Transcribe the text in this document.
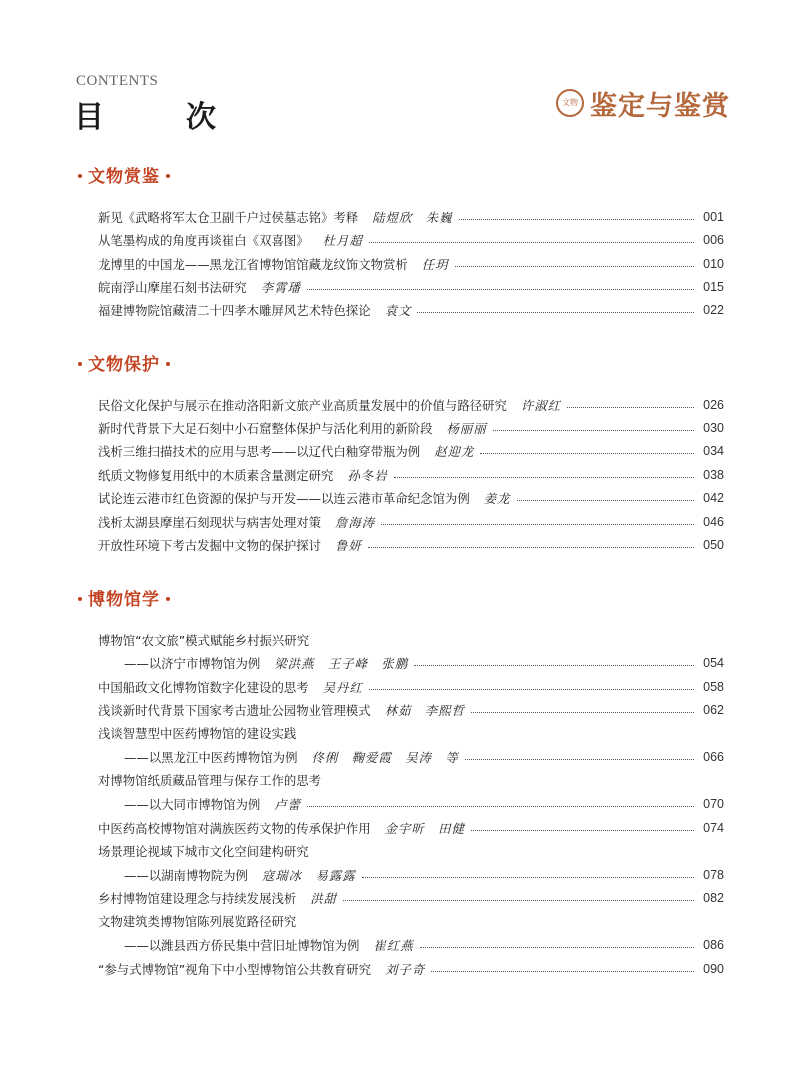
CONTENTS
目　次	文物 鉴定与鉴赏
文物赏鉴
新见《武略将军太仓卫副千户过侯墓志铭》考释 陆煜欣　朱巍	001
从笔墨构成的角度再谈崔白《双喜图》 杜月超	006
龙博里的中国龙——黑龙江省博物馆馆藏龙纹饰文物赏析 任玥	010
皖南浮山摩崖石刻书法研究 李霄璠	015
福建博物院馆藏清二十四孝木雕屏风艺术特色探论 袁文	022
文物保护
民俗文化保护与展示在推动洛阳新文旅产业高质量发展中的价值与路径研究 许淑红	026
新时代背景下大足石刻中小石窟整体保护与活化利用的新阶段 杨丽丽	030
浅析三维扫描技术的应用与思考——以辽代白釉穿带瓶为例 赵迎龙	034
纸质文物修复用纸中的木质素含量测定研究 孙冬岩	038
试论连云港市红色资源的保护与开发——以连云港市革命纪念馆为例 姜龙	042
浅析太湖县摩崖石刻现状与病害处理对策 詹海涛	046
开放性环境下考古发掘中文物的保护探讨 鲁妍	050
博物馆学
博物馆“农文旅”模式赋能乡村振兴研究
——以济宁市博物馆为例 梁洪燕　王子峰　张鹏	054
中国船政文化博物馆数字化建设的思考 吴丹红	058
浅谈新时代背景下国家考古遗址公园物业管理模式 林茹　李熙哲	062
浅谈智慧型中医药博物馆的建设实践
——以黑龙江中医药博物馆为例 佟俐　鞠爱霞　吴涛　等	066
对博物馆纸质藏品管理与保存工作的思考
——以大同市博物馆为例 卢蕾	070
中医药高校博物馆对满族医药文物的传承保护作用 金宇昕　田健	074
场景理论视域下城市文化空间建构研究
——以湖南博物院为例 寇瑞冰　易露露	078
乡村博物馆建设理念与持续发展浅析 洪甜	082
文物建筑类博物馆陈列展览路径研究
——以潍县西方侨民集中营旧址博物馆为例 崔红燕	086
“参与式博物馆”视角下中小型博物馆公共教育研究 刘子奇	090
